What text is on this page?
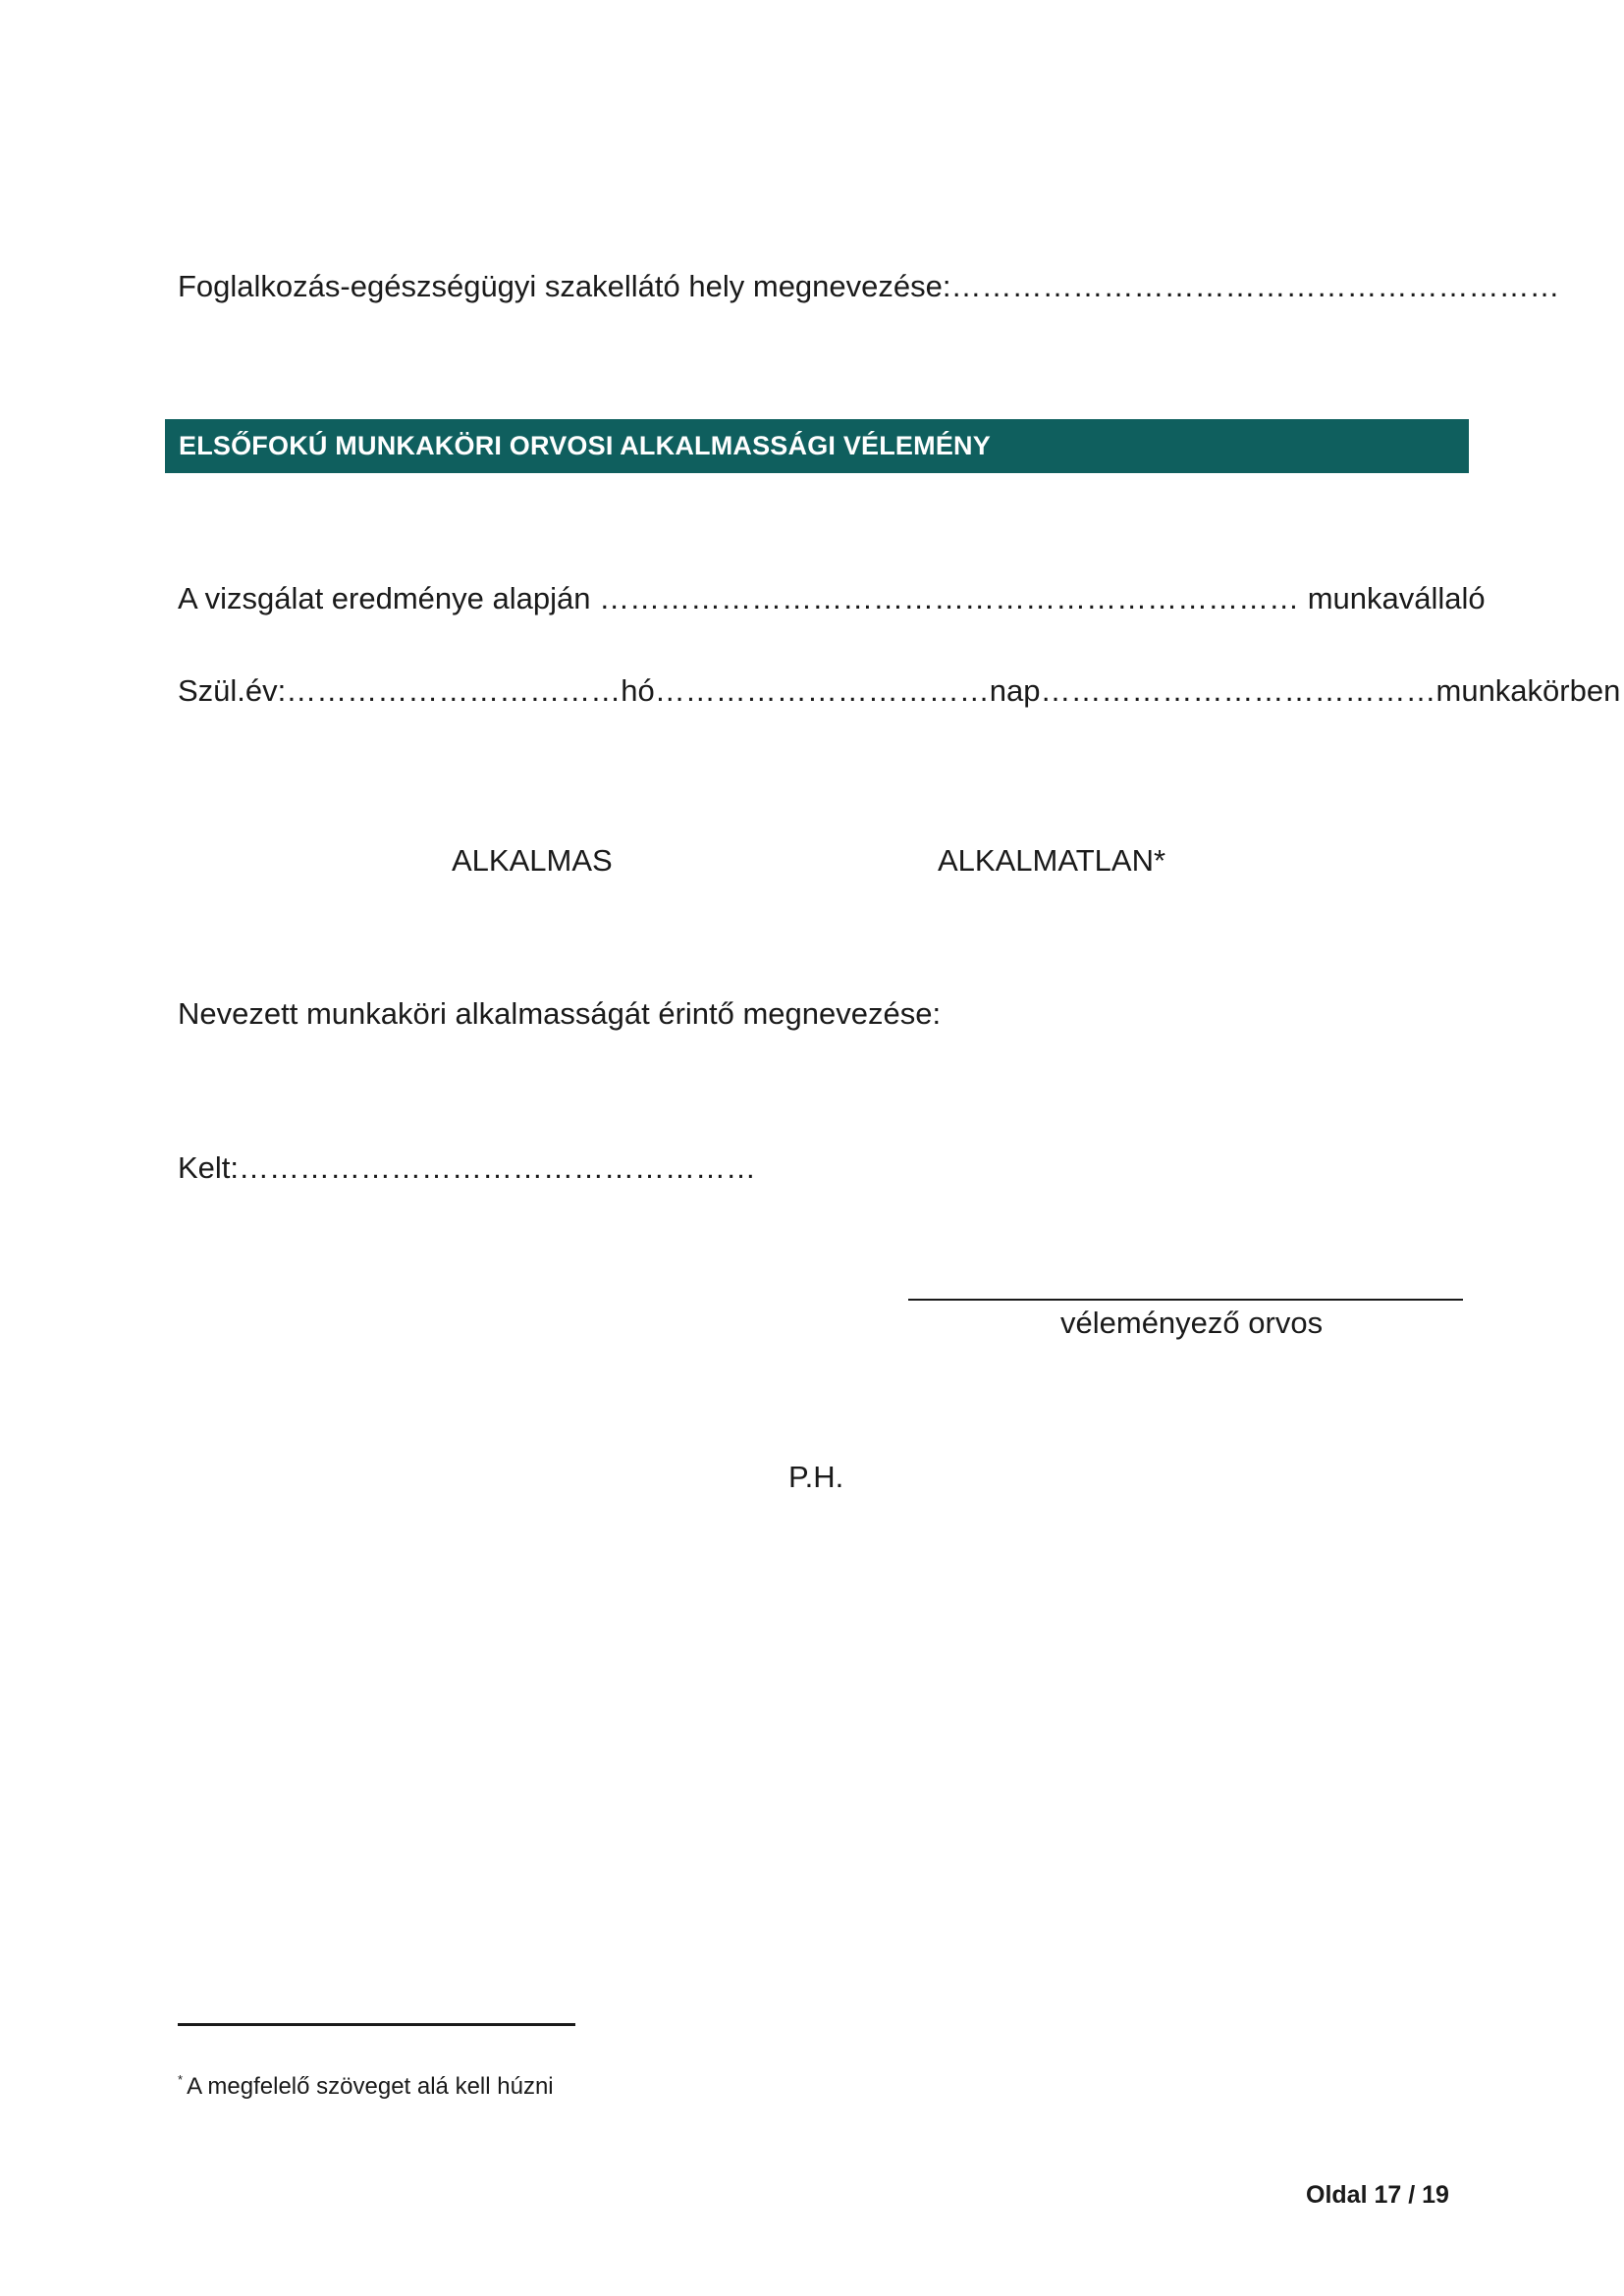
Foglalkozás-egészségügyi szakellátó hely megnevezése:……………………………………………………
ELSŐFOKÚ MUNKAKÖRI ORVOSI ALKALMASSÁGI VÉLEMÉNY
A vizsgálat eredménye alapján …………………………………………………………… munkavállaló
Szül.év:……………………………hó……………………………nap…………………………………munkakörben
ALKALMAS	ALKALMATLAN*
Nevezett munkaköri alkalmasságát érintő megnevezése:
Kelt:……………………………………………
véleményező orvos
P.H.
* A megfelelő szöveget alá kell húzni
Oldal 17 / 19
